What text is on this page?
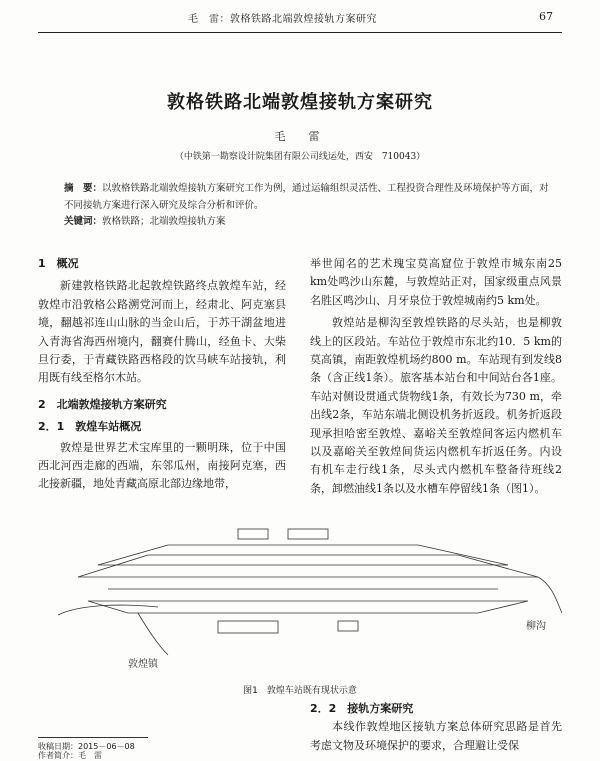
毛　雷：敦格铁路北端敦煌接轨方案研究	67
敦格铁路北端敦煌接轨方案研究
毛　雷
（中铁第一勘察设计院集团有限公司线运处，西安　710043）
摘　要：以敦格铁路北端敦煌接轨方案研究工作为例，通过运输组织灵活性、工程投资合理性及环境保护等方面，对不同接轨方案进行深入研究及综合分析和评价。
关键词：敦格铁路；北端敦煌接轨方案

1　概况

新建敦格铁路北起敦煌铁路终点敦煌车站，经敦煌市沿敦格公路溯党河而上，经肃北、阿克塞县境，翻越祁连山山脉的当金山后，于苏干湖盆地进入青海省海西州境内，翻赛什腾山，经鱼卡、大柴旦行委，于青藏铁路西格段的饮马峡车站接轨，利用既有线至格尔木站。

2　北端敦煌接轨方案研究

2．1　敦煌车站概况

敦煌是世界艺术宝库里的一颗明珠，位于中国西北河西走廊的西端，东邻瓜州，南接阿克塞，西北接新疆，地处青藏高原北部边缘地带，

举世闻名的艺术瑰宝莫高窟位于敦煌市城东南25 km处鸣沙山东麓，与敦煌站正对，国家级重点风景名胜区鸣沙山、月牙泉位于敦煌城南约5 km处。

敦煌站是柳沟至敦煌铁路的尽头站，也是柳敦线上的区段站。车站位于敦煌市东北约10．5 km的莫高镇，南距敦煌机场约800 m。车站现有到发线8条（含正线1条）。旅客基本站台和中间站台各1座。车站对侧设贯通式货物线1条，有效长为730 m，牵出线2条，车站东端北侧设机务折返段。机务折返段现承担哈密至敦煌、嘉峪关至敦煌间客运内燃机车以及嘉峪关至敦煌间货运内燃机车折返任务。内设有机车走行线1条，尽头式内燃机车整备待班线2条，卸燃油线1条以及水槽车停留线1条（图1）。

柳沟
敦煌镇
图1　敦煌车站既有现状示意

2．2　接轨方案研究

本线作敦煌地区接轨方案总体研究思路是首先考虑文物及环境保护的要求，合理避让受保

收稿日期：2015－06－08
作者简介：毛　雷
